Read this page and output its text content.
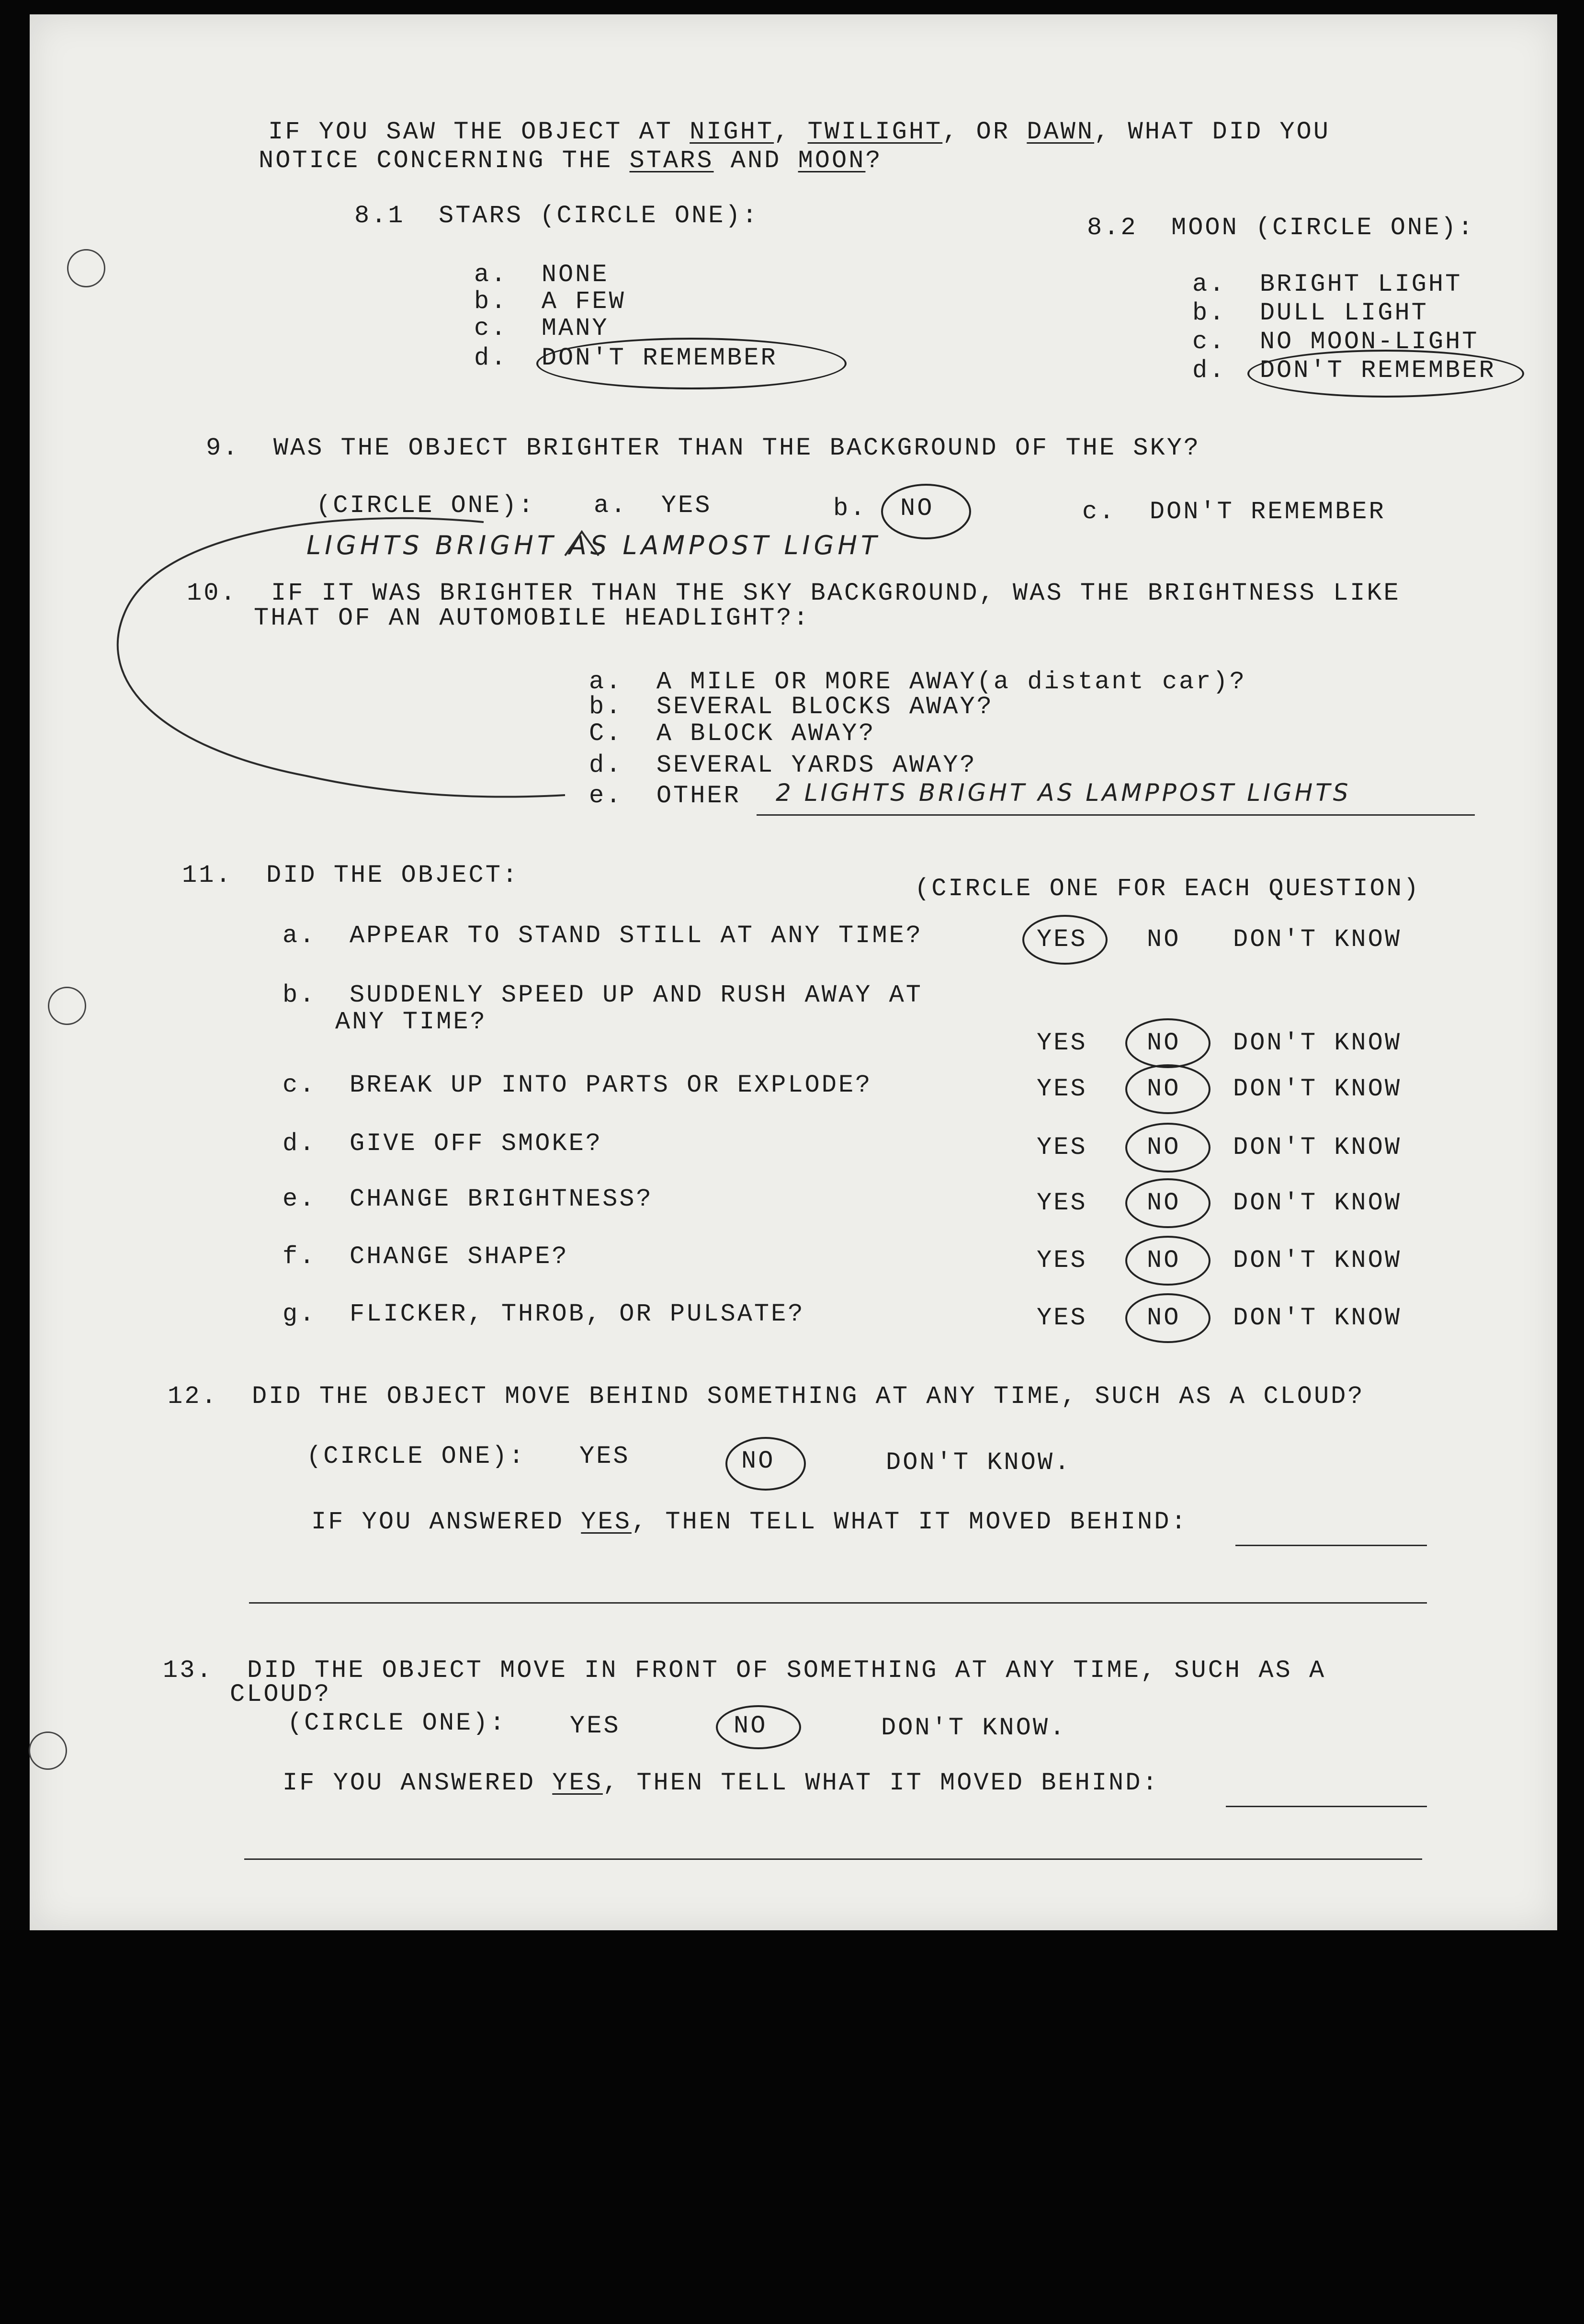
IF YOU SAW THE OBJECT AT NIGHT, TWILIGHT, OR DAWN, WHAT DID YOU
NOTICE CONCERNING THE STARS AND MOON?
8.1  STARS (CIRCLE ONE):
a.  NONE
b.  A FEW
c.  MANY
d.  DON'T REMEMBER
8.2  MOON (CIRCLE ONE):
a.  BRIGHT LIGHT
b.  DULL LIGHT
c.  NO MOON-LIGHT
d.  DON'T REMEMBER
9.  WAS THE OBJECT BRIGHTER THAN THE BACKGROUND OF THE SKY?
(CIRCLE ONE): a.  YES	b. NO	c.  DON'T REMEMBER
LIGHTS BRIGHT AS LAMPOST LIGHT
10.  IF IT WAS BRIGHTER THAN THE SKY BACKGROUND, WAS THE BRIGHTNESS LIKE
THAT OF AN AUTOMOBILE HEADLIGHT?:
a.  A MILE OR MORE AWAY(a distant car)?
b.  SEVERAL BLOCKS AWAY?
C.  A BLOCK AWAY?
d.  SEVERAL YARDS AWAY?
e.  OTHER 2 LIGHTS BRIGHT AS LAMPPOST LIGHTS
11.  DID THE OBJECT:	(CIRCLE ONE FOR EACH QUESTION)
a. APPEAR TO STAND STILL AT ANY TIME?	YES NO DON'T KNOW
b. SUDDENLY SPEED UP AND RUSH AWAY AT
ANY TIME?
YES NO DON'T KNOW
c. BREAK UP INTO PARTS OR EXPLODE?	YES NO DON'T KNOW
d. GIVE OFF SMOKE?	YES NO DON'T KNOW
e. CHANGE BRIGHTNESS?	YES NO DON'T KNOW
f. CHANGE SHAPE?	YES NO DON'T KNOW
g. FLICKER, THROB, OR PULSATE?	YES NO DON'T KNOW
12.  DID THE OBJECT MOVE BEHIND SOMETHING AT ANY TIME, SUCH AS A CLOUD?
(CIRCLE ONE): YES	NO	DON'T KNOW.
IF YOU ANSWERED YES, THEN TELL WHAT IT MOVED BEHIND:
13.  DID THE OBJECT MOVE IN FRONT OF SOMETHING AT ANY TIME, SUCH AS A
CLOUD?
(CIRCLE ONE):	YES	NO	DON'T KNOW.
IF YOU ANSWERED YES, THEN TELL WHAT IT MOVED BEHIND:
